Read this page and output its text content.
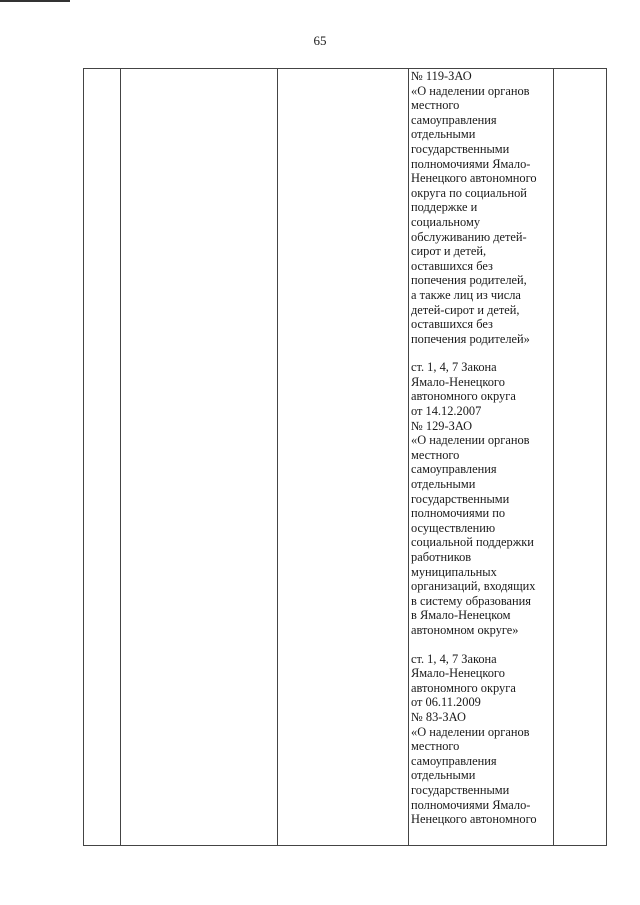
65

№ 119-ЗАО
«О наделении органов
местного
самоуправления
отдельными
государственными
полномочиями Ямало-
Ненецкого автономного
округа по социальной
поддержке и
социальному
обслуживанию детей-
сирот и детей,
оставшихся без
попечения родителей,
а также лиц из числа
детей-сирот и детей,
оставшихся без
попечения родителей»

ст. 1, 4, 7 Закона
Ямало-Ненецкого
автономного округа
от 14.12.2007
№ 129-ЗАО
«О наделении органов
местного
самоуправления
отдельными
государственными
полномочиями по
осуществлению
социальной поддержки
работников
муниципальных
организаций, входящих
в систему образования
в Ямало-Ненецком
автономном округе»

ст. 1, 4, 7 Закона
Ямало-Ненецкого
автономного округа
от 06.11.2009
№ 83-ЗАО
«О наделении органов
местного
самоуправления
отдельными
государственными
полномочиями Ямало-
Ненецкого автономного
